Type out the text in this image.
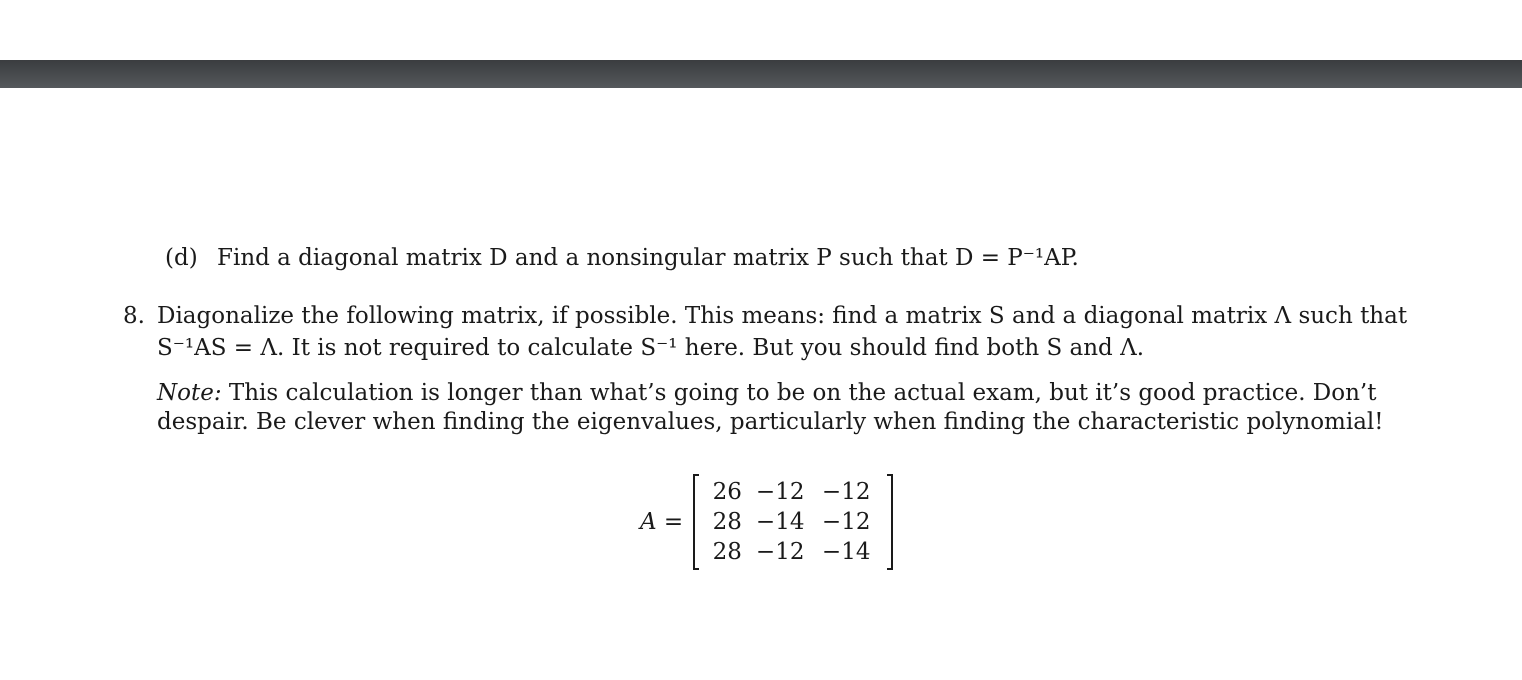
(d) Find a diagonal matrix D and a nonsingular matrix P such that D = P⁻¹AP.
8. Diagonalize the following matrix, if possible. This means: find a matrix S and a diagonal matrix Λ such that
S⁻¹AS = Λ. It is not required to calculate S⁻¹ here. But you should find both S and Λ.
Note: This calculation is longer than what’s going to be on the actual exam, but it’s good practice. Don’t
despair. Be clever when finding the eigenvalues, particularly when finding the characteristic polynomial!
A =
26 −12 −12
28 −14 −12
28 −12 −14
